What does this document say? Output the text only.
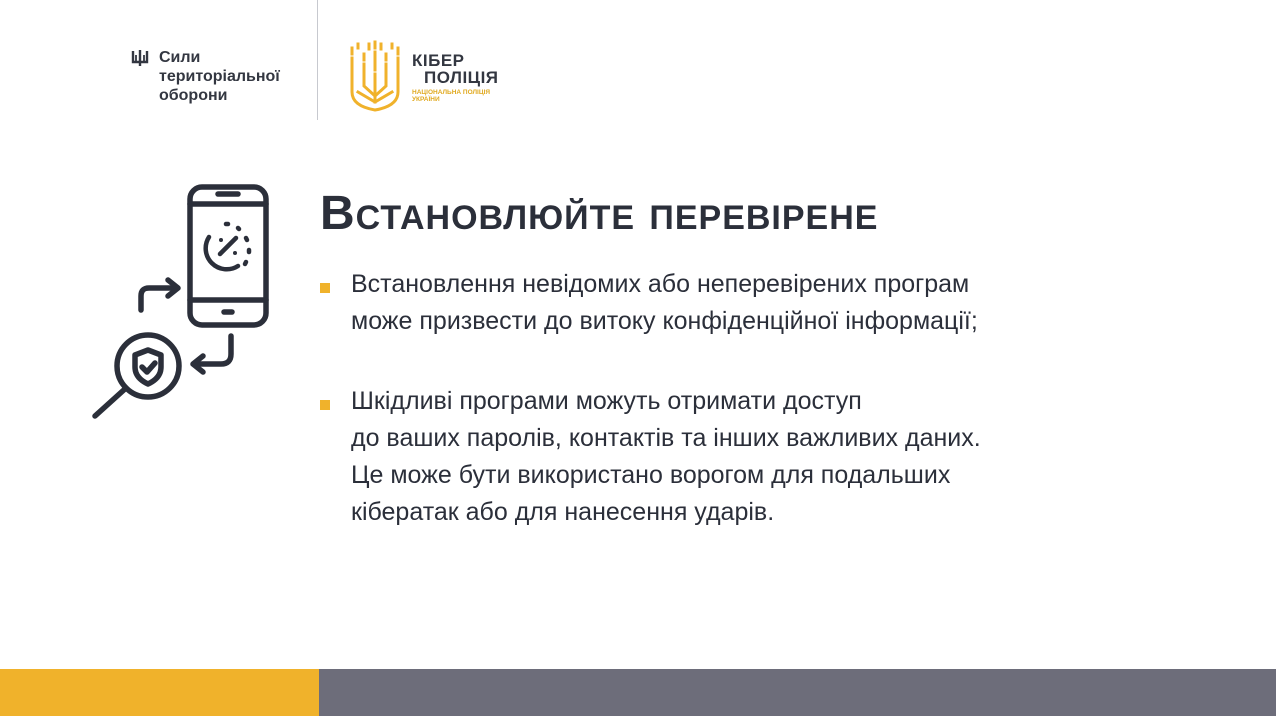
Сили
територіальної
оборони
КІБЕР
ПОЛІЦІЯ
НАЦІОНАЛЬНА ПОЛІЦІЯ
УКРАЇНИ
Встановлюйте перевірене
Встановлення невідомих або неперевірених програм
може призвести до витоку конфіденційної інформації;
Шкідливі програми можуть отримати доступ
до ваших паролів, контактів та інших важливих даних.
Це може бути використано ворогом для подальших
кібератак або для нанесення ударів.
